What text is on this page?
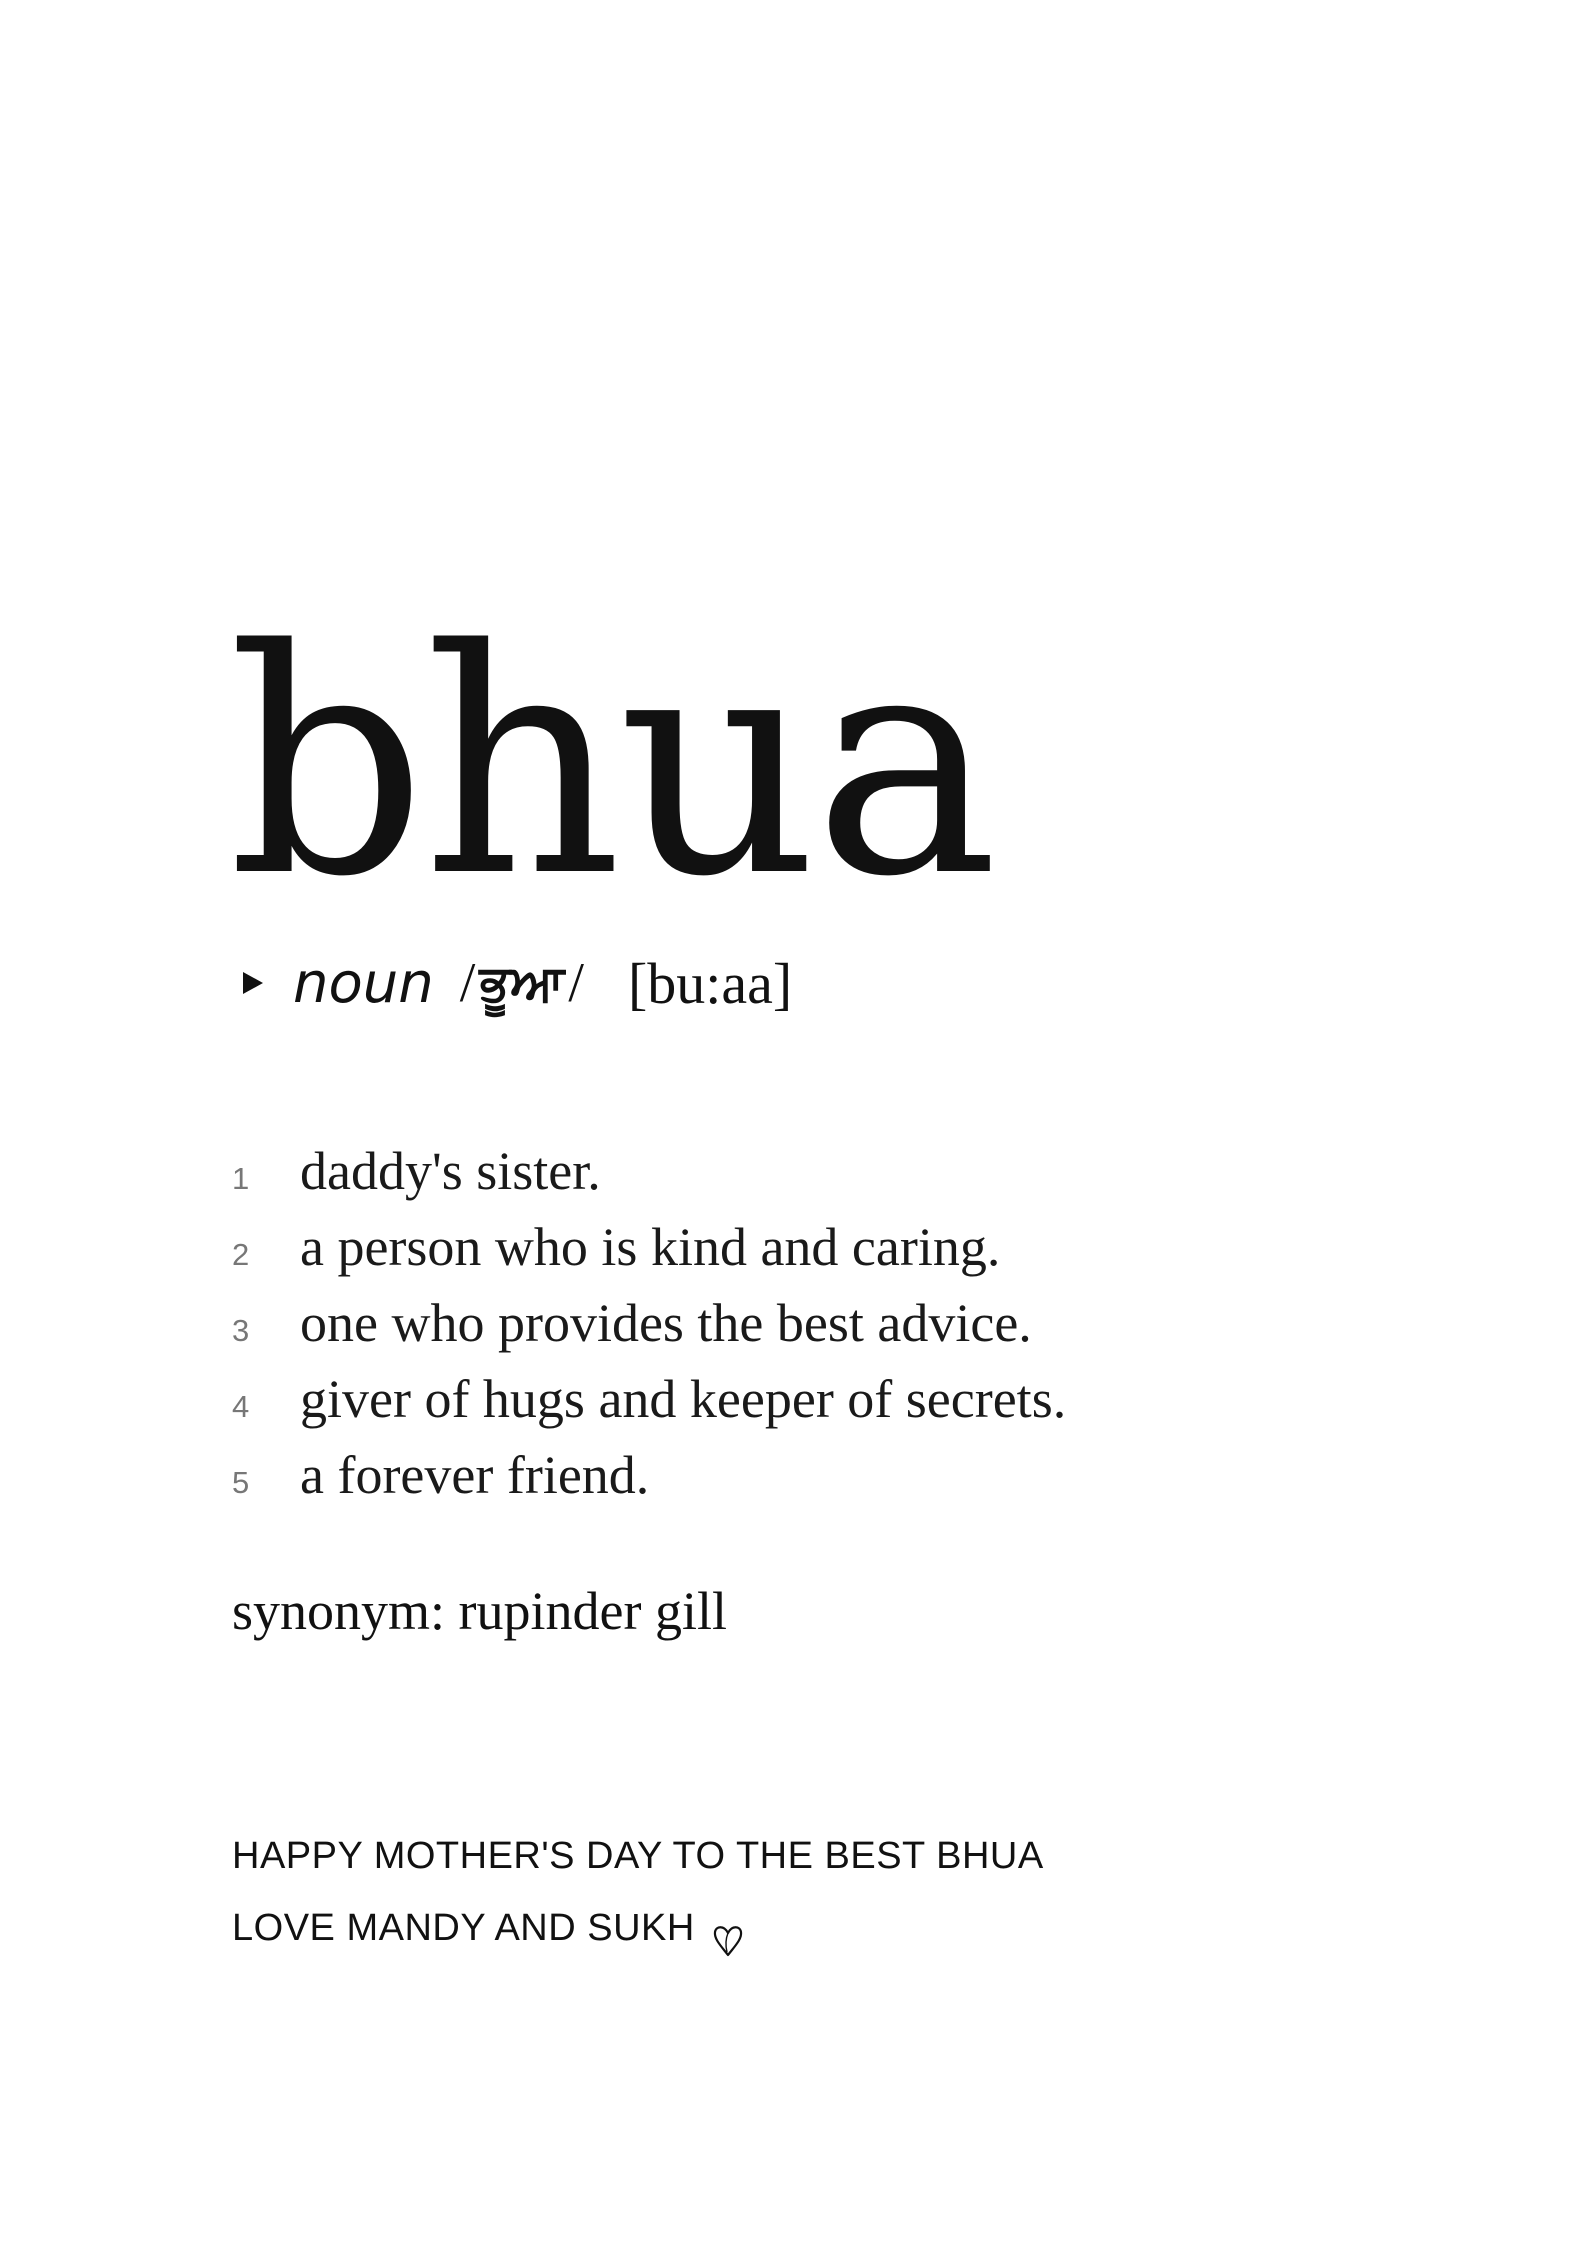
bhua
noun / ਭੂਆ / [bu:aa]
1 daddy's sister.
2 a person who is kind and caring.
3 one who provides the best advice.
4 giver of hugs and keeper of secrets.
5 a forever friend.

synonym: rupinder gill

HAPPY MOTHER'S DAY TO THE BEST BHUA
LOVE MANDY AND SUKH
